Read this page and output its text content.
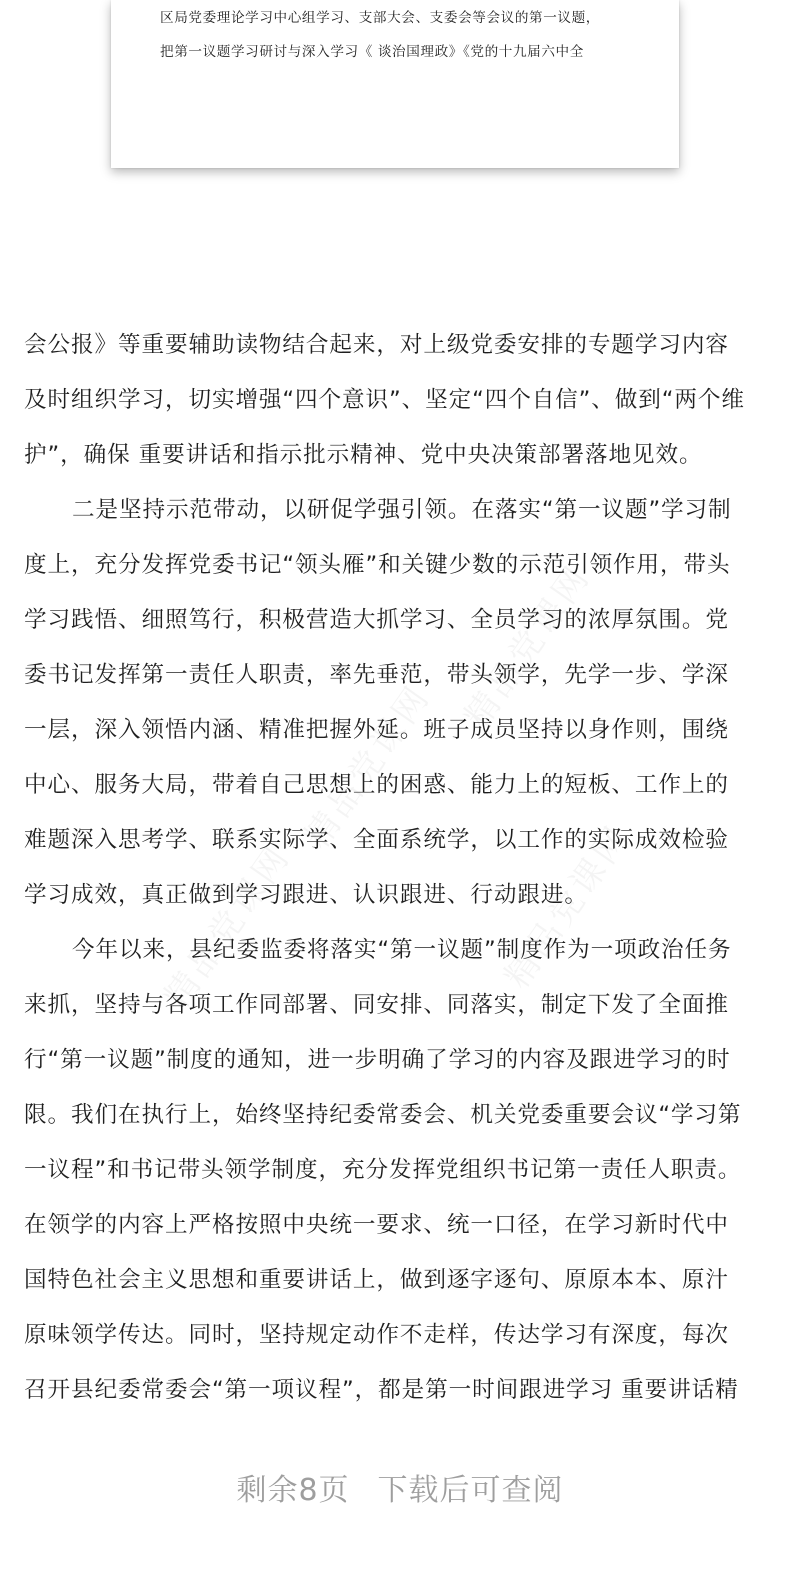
区局党委理论学习中心组学习、支部大会、支委会等会议的第一议题，
把第一议题学习研讨与深入学习《 谈治国理政》《党的十九届六中全
会公报》等重要辅助读物结合起来，对上级党委安排的专题学习内容
及时组织学习，切实增强“四个意识”、坚定“四个自信”、做到“两个维
护”，确保 重要讲话和指示批示精神、党中央决策部署落地见效。
二是坚持示范带动，以研促学强引领。在落实“第一议题”学习制
度上，充分发挥党委书记“领头雁”和关键少数的示范引领作用，带头
学习践悟、细照笃行，积极营造大抓学习、全员学习的浓厚氛围。党
委书记发挥第一责任人职责，率先垂范，带头领学，先学一步、学深
一层，深入领悟内涵、精准把握外延。班子成员坚持以身作则，围绕
中心、服务大局，带着自己思想上的困惑、能力上的短板、工作上的
难题深入思考学、联系实际学、全面系统学，以工作的实际成效检验
学习成效，真正做到学习跟进、认识跟进、行动跟进。
今年以来，县纪委监委将落实“第一议题”制度作为一项政治任务
来抓，坚持与各项工作同部署、同安排、同落实，制定下发了全面推
行“第一议题”制度的通知，进一步明确了学习的内容及跟进学习的时
限。我们在执行上，始终坚持纪委常委会、机关党委重要会议“学习第
一议程”和书记带头领学制度，充分发挥党组织书记第一责任人职责。
在领学的内容上严格按照中央统一要求、统一口径，在学习新时代中
国特色社会主义思想和重要讲话上，做到逐字逐句、原原本本、原汁
原味领学传达。同时，坚持规定动作不走样，传达学习有深度，每次
召开县纪委常委会“第一项议程”，都是第一时间跟进学习 重要讲话精
剩余8页 下载后可查阅
